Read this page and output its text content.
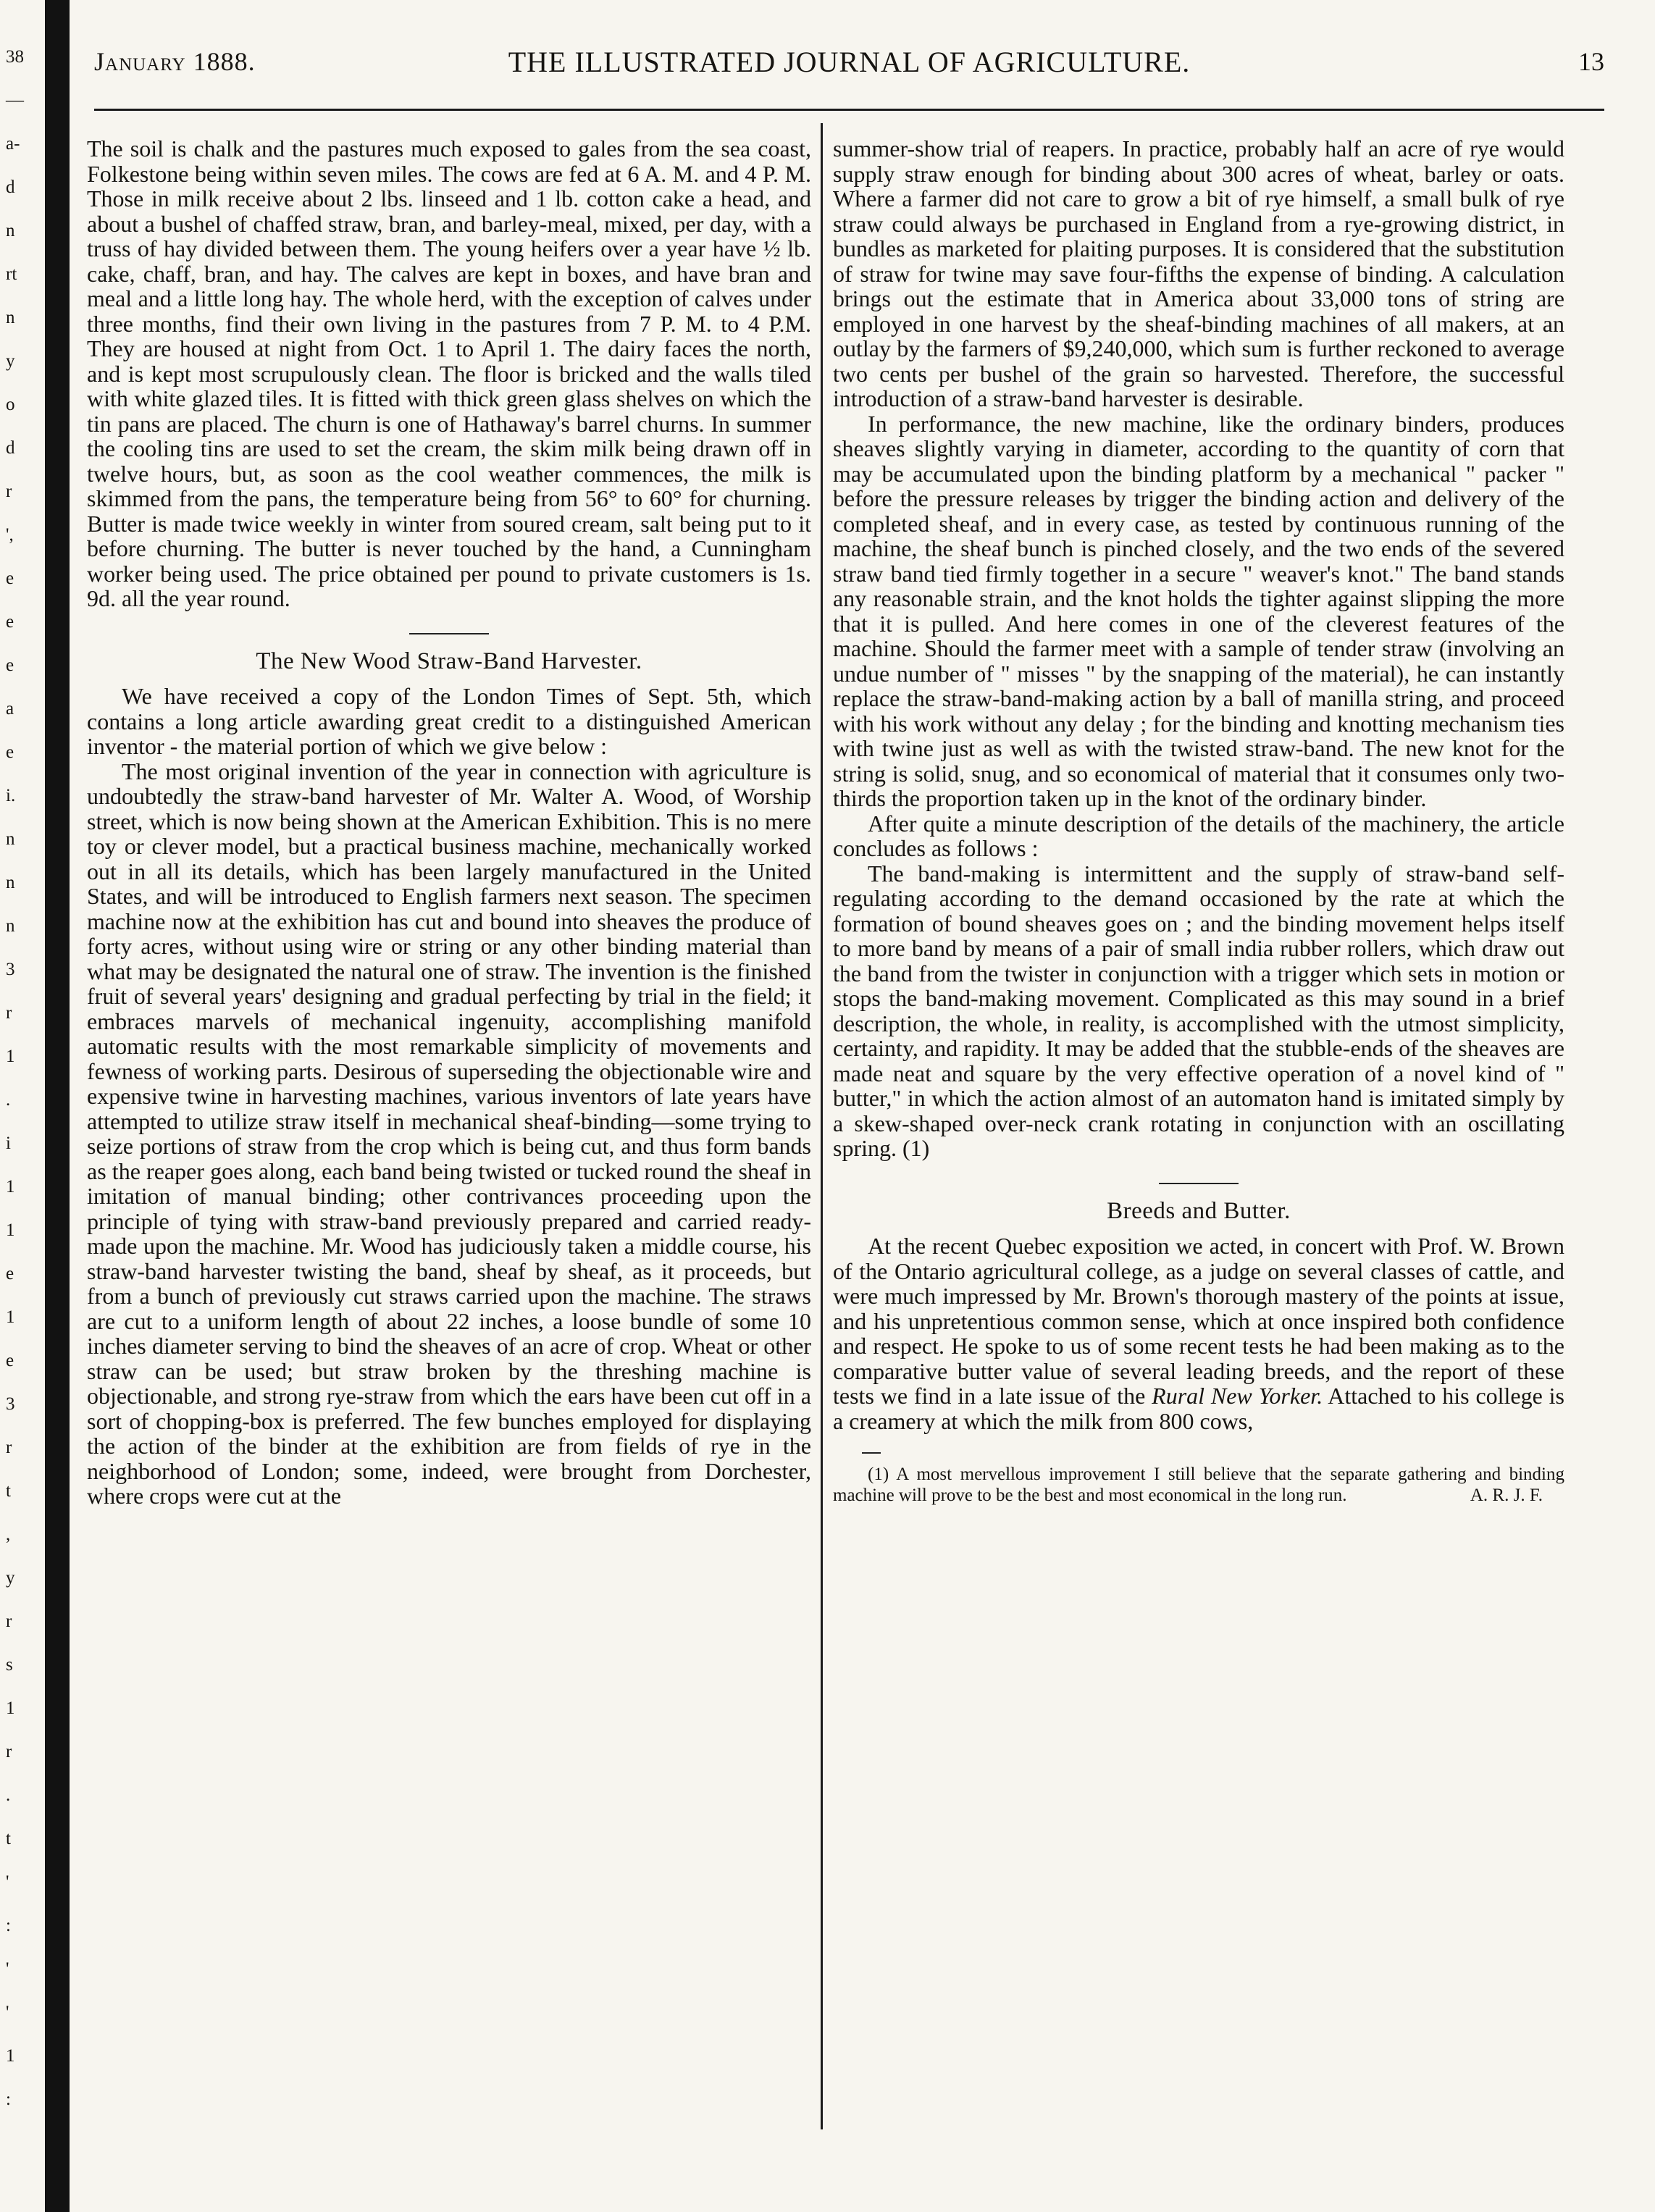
38
—
a-
d
n
rt
n
y
o
d
r
',
e
e
e
a
e
i.
n
n
n
3
r
1
.
i
1
1
e
1
e
3
r
t
,
y
r
s
1
r
.
t
'
:
'
'
1
:
January 1888.	THE ILLUSTRATED JOURNAL OF AGRICULTURE.	13

The soil is chalk and the pastures much exposed to gales from the sea coast, Folkestone being within seven miles. The cows are fed at 6 A. M. and 4 P. M. Those in milk receive about 2 lbs. linseed and 1 lb. cotton cake a head, and about a bushel of chaffed straw, bran, and barley-meal, mixed, per day, with a truss of hay divided between them. The young heifers over a year have ½ lb. cake, chaff, bran, and hay. The calves are kept in boxes, and have bran and meal and a little long hay. The whole herd, with the exception of calves under three months, find their own living in the pastures from 7 P. M. to 4 P.M. They are housed at night from Oct. 1 to April 1. The dairy faces the north, and is kept most scrupulously clean. The floor is bricked and the walls tiled with white glazed tiles. It is fitted with thick green glass shelves on which the tin pans are placed. The churn is one of Hathaway's barrel churns. In summer the cooling tins are used to set the cream, the skim milk being drawn off in twelve hours, but, as soon as the cool weather commences, the milk is skimmed from the pans, the temperature being from 56° to 60° for churning. Butter is made twice weekly in winter from soured cream, salt being put to it before churning. The butter is never touched by the hand, a Cunningham worker being used. The price obtained per pound to private customers is 1s. 9d. all the year round.

The New Wood Straw-Band Harvester.

We have received a copy of the London Times of Sept. 5th, which contains a long article awarding great credit to a distinguished American inventor - the material portion of which we give below :

The most original invention of the year in connection with agriculture is undoubtedly the straw-band harvester of Mr. Walter A. Wood, of Worship street, which is now being shown at the American Exhibition. This is no mere toy or clever model, but a practical business machine, mechanically worked out in all its details, which has been largely manufactured in the United States, and will be introduced to English farmers next season. The specimen machine now at the exhibition has cut and bound into sheaves the produce of forty acres, without using wire or string or any other binding material than what may be designated the natural one of straw. The invention is the finished fruit of several years' designing and gradual perfecting by trial in the field; it embraces marvels of mechanical ingenuity, accomplishing manifold automatic results with the most remarkable simplicity of movements and fewness of working parts. Desirous of superseding the objectionable wire and expensive twine in harvesting machines, various inventors of late years have attempted to utilize straw itself in mechanical sheaf-binding—some trying to seize portions of straw from the crop which is being cut, and thus form bands as the reaper goes along, each band being twisted or tucked round the sheaf in imitation of manual binding; other contrivances proceeding upon the principle of tying with straw-band previously prepared and carried ready-made upon the machine. Mr. Wood has judiciously taken a middle course, his straw-band harvester twisting the band, sheaf by sheaf, as it proceeds, but from a bunch of previously cut straws carried upon the machine. The straws are cut to a uniform length of about 22 inches, a loose bundle of some 10 inches diameter serving to bind the sheaves of an acre of crop. Wheat or other straw can be used; but straw broken by the threshing machine is objectionable, and strong rye-straw from which the ears have been cut off in a sort of chopping-box is preferred. The few bunches employed for displaying the action of the binder at the exhibition are from fields of rye in the neighborhood of London; some, indeed, were brought from Dorchester, where crops were cut at the

summer-show trial of reapers. In practice, probably half an acre of rye would supply straw enough for binding about 300 acres of wheat, barley or oats. Where a farmer did not care to grow a bit of rye himself, a small bulk of rye straw could always be purchased in England from a rye-growing district, in bundles as marketed for plaiting purposes. It is considered that the substitution of straw for twine may save four-fifths the expense of binding. A calculation brings out the estimate that in America about 33,000 tons of string are employed in one harvest by the sheaf-binding machines of all makers, at an outlay by the farmers of $9,240,000, which sum is further reckoned to average two cents per bushel of the grain so harvested. Therefore, the successful introduction of a straw-band harvester is desirable.

In performance, the new machine, like the ordinary binders, produces sheaves slightly varying in diameter, according to the quantity of corn that may be accumulated upon the binding platform by a mechanical " packer " before the pressure releases by trigger the binding action and delivery of the completed sheaf, and in every case, as tested by continuous running of the machine, the sheaf bunch is pinched closely, and the two ends of the severed straw band tied firmly together in a secure " weaver's knot." The band stands any reasonable strain, and the knot holds the tighter against slipping the more that it is pulled. And here comes in one of the cleverest features of the machine. Should the farmer meet with a sample of tender straw (involving an undue number of " misses " by the snapping of the material), he can instantly replace the straw-band-making action by a ball of manilla string, and proceed with his work without any delay ; for the binding and knotting mechanism ties with twine just as well as with the twisted straw-band. The new knot for the string is solid, snug, and so economical of material that it consumes only two-thirds the proportion taken up in the knot of the ordinary binder.

After quite a minute description of the details of the machinery, the article concludes as follows :

The band-making is intermittent and the supply of straw-band self-regulating according to the demand occasioned by the rate at which the formation of bound sheaves goes on ; and the binding movement helps itself to more band by means of a pair of small india rubber rollers, which draw out the band from the twister in conjunction with a trigger which sets in motion or stops the band-making movement. Complicated as this may sound in a brief description, the whole, in reality, is accomplished with the utmost simplicity, certainty, and rapidity. It may be added that the stubble-ends of the sheaves are made neat and square by the very effective operation of a novel kind of " butter," in which the action almost of an automaton hand is imitated simply by a skew-shaped over-neck crank rotating in conjunction with an oscillating spring. (1)

Breeds and Butter.

At the recent Quebec exposition we acted, in concert with Prof. W. Brown of the Ontario agricultural college, as a judge on several classes of cattle, and were much impressed by Mr. Brown's thorough mastery of the points at issue, and his unpretentious common sense, which at once inspired both confidence and respect. He spoke to us of some recent tests he had been making as to the comparative butter value of several leading breeds, and the report of these tests we find in a late issue of the Rural New Yorker. Attached to his college is a creamery at which the milk from 800 cows,

(1) A most mervellous improvement I still believe that the separate gathering and binding machine will prove to be the best and most economical in the long run.	A. R. J. F.
